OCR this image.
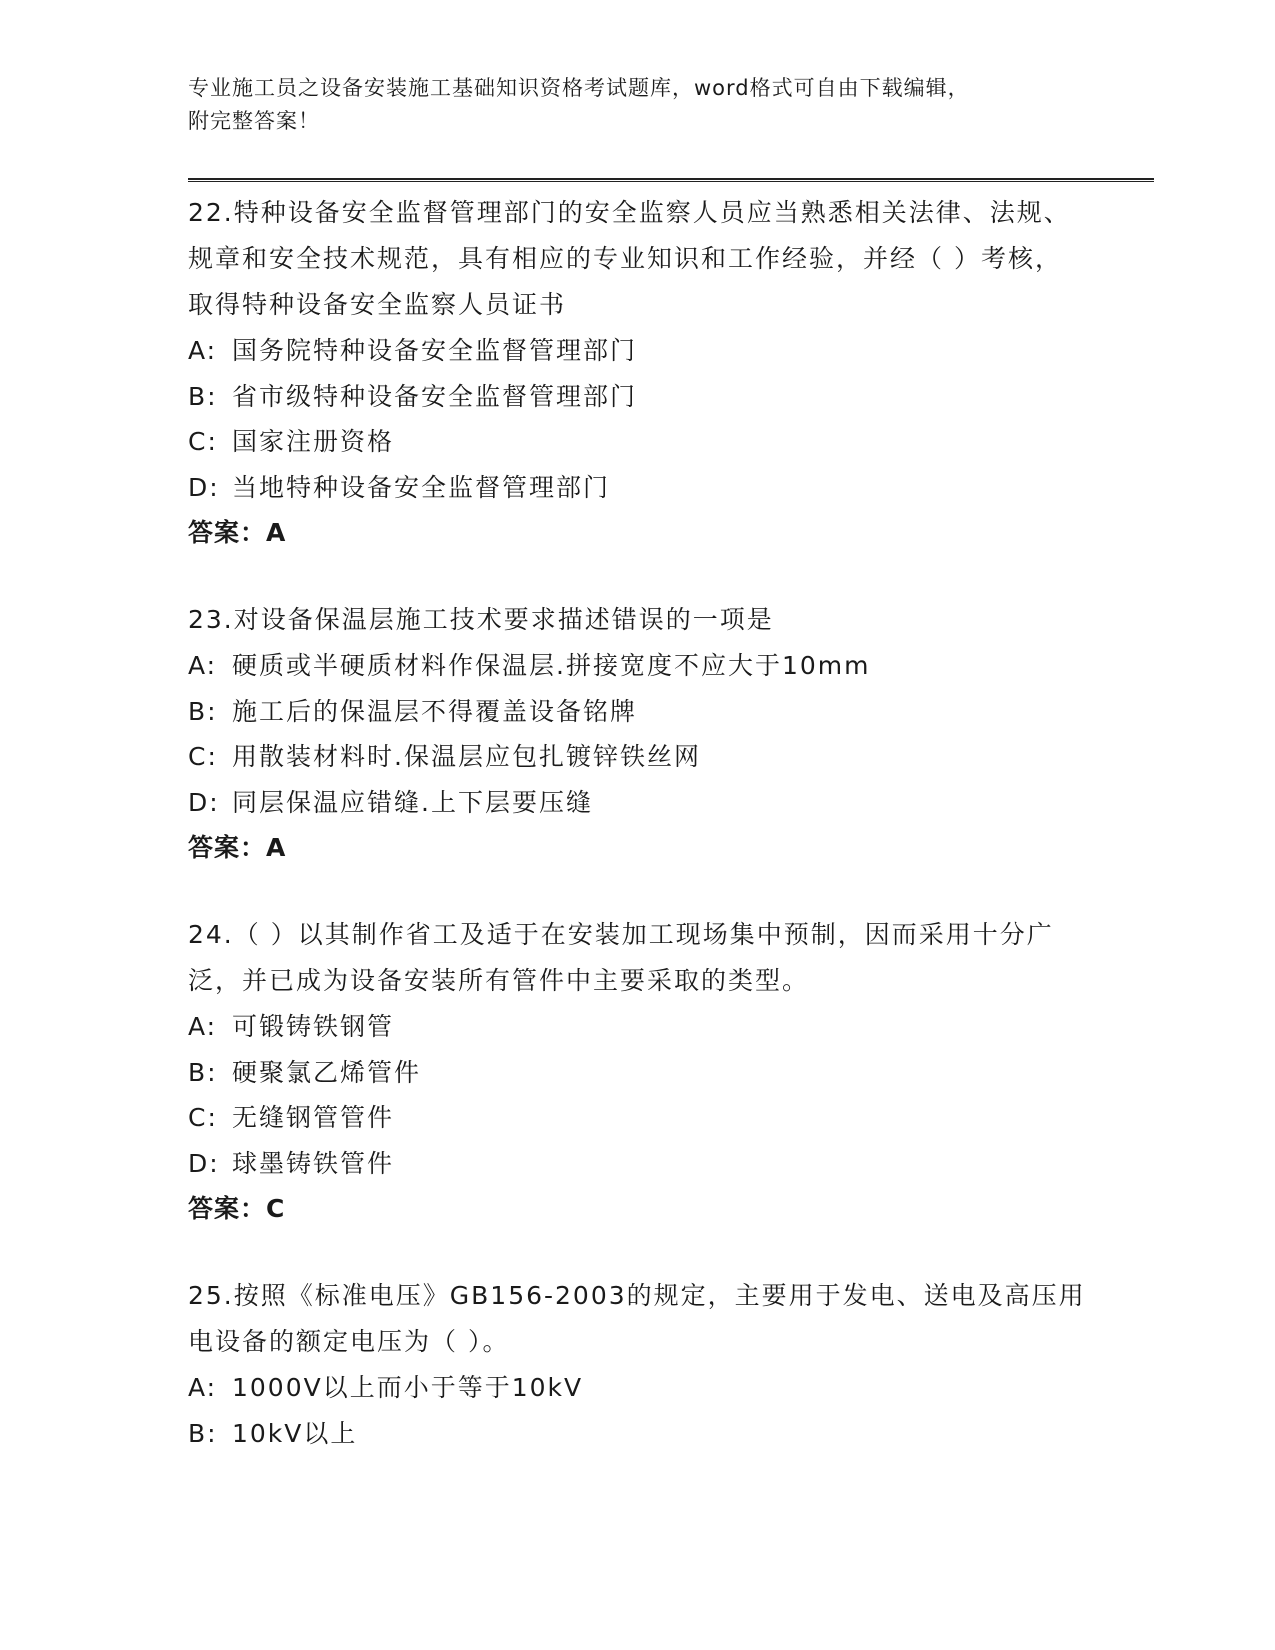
专业施工员之设备安装施工基础知识资格考试题库，word格式可自由下载编辑，
附完整答案！
22.特种设备安全监督管理部门的安全监察人员应当熟悉相关法律、法规、规章和安全技术规范，具有相应的专业知识和工作经验，并经（ ）考核，取得特种设备安全监察人员证书
A: 国务院特种设备安全监督管理部门
B: 省市级特种设备安全监督管理部门
C: 国家注册资格
D: 当地特种设备安全监督管理部门
答案：A
23.对设备保温层施工技术要求描述错误的一项是
A: 硬质或半硬质材料作保温层.拼接宽度不应大于10mm
B: 施工后的保温层不得覆盖设备铭牌
C: 用散装材料时.保温层应包扎镀锌铁丝网
D: 同层保温应错缝.上下层要压缝
答案：A
24.（ ）以其制作省工及适于在安装加工现场集中预制，因而采用十分广泛，并已成为设备安装所有管件中主要采取的类型。
A: 可锻铸铁钢管
B: 硬聚氯乙烯管件
C: 无缝钢管管件
D: 球墨铸铁管件
答案：C
25.按照《标准电压》GB156-2003的规定，主要用于发电、送电及高压用电设备的额定电压为（ ）。
A: 1000V以上而小于等于10kV
B: 10kV以上
